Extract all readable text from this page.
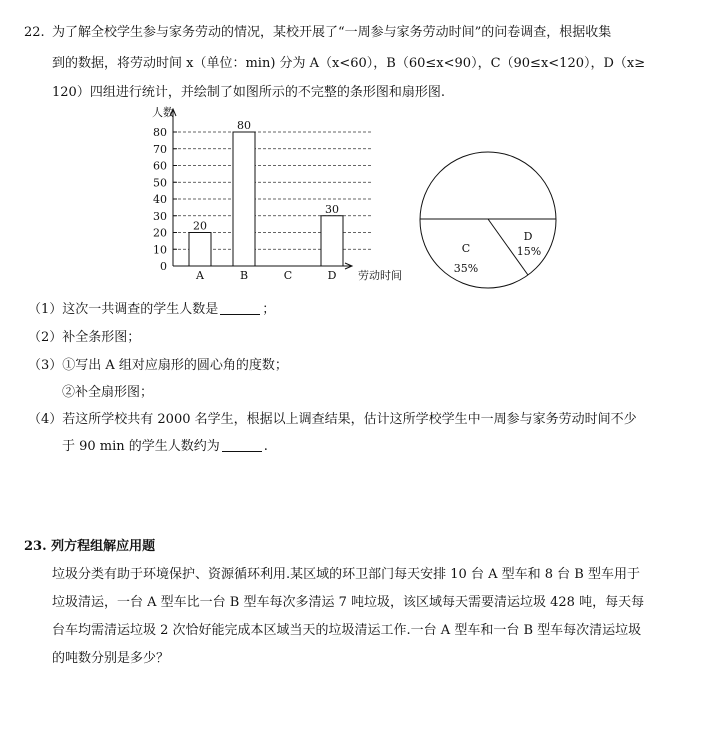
22. 为了解全校学生参与家务劳动的情况，某校开展了“一周参与家务劳动时间”的问卷调查，根据收集
到的数据，将劳动时间 x（单位：min) 分为 A（x<60），B（60≤x<90），C（90≤x<120），D（x≥
120）四组进行统计，并绘制了如图所示的不完整的条形图和扇形图.
0
10
20
30
40
50
60
70
80
人数
劳动时间
A
20
B
80
C	D
30
D
15%
C
35%
（1）这次一共调查的学生人数是	；
（2）补全条形图；
（3）①写出 A 组对应扇形的圆心角的度数；
②补全扇形图；
（4）若这所学校共有 2000 名学生，根据以上调查结果，估计这所学校学生中一周参与家务劳动时间不少
于 90 min 的学生人数约为	.
23. 列方程组解应用题
垃圾分类有助于环境保护、资源循环利用.某区域的环卫部门每天安排 10 台 A 型车和 8 台 B 型车用于
垃圾清运，一台 A 型车比一台 B 型车每次多清运 7 吨垃圾，该区域每天需要清运垃圾 428 吨，每天每
台车均需清运垃圾 2 次恰好能完成本区域当天的垃圾清运工作.一台 A 型车和一台 B 型车每次清运垃圾
的吨数分别是多少？
